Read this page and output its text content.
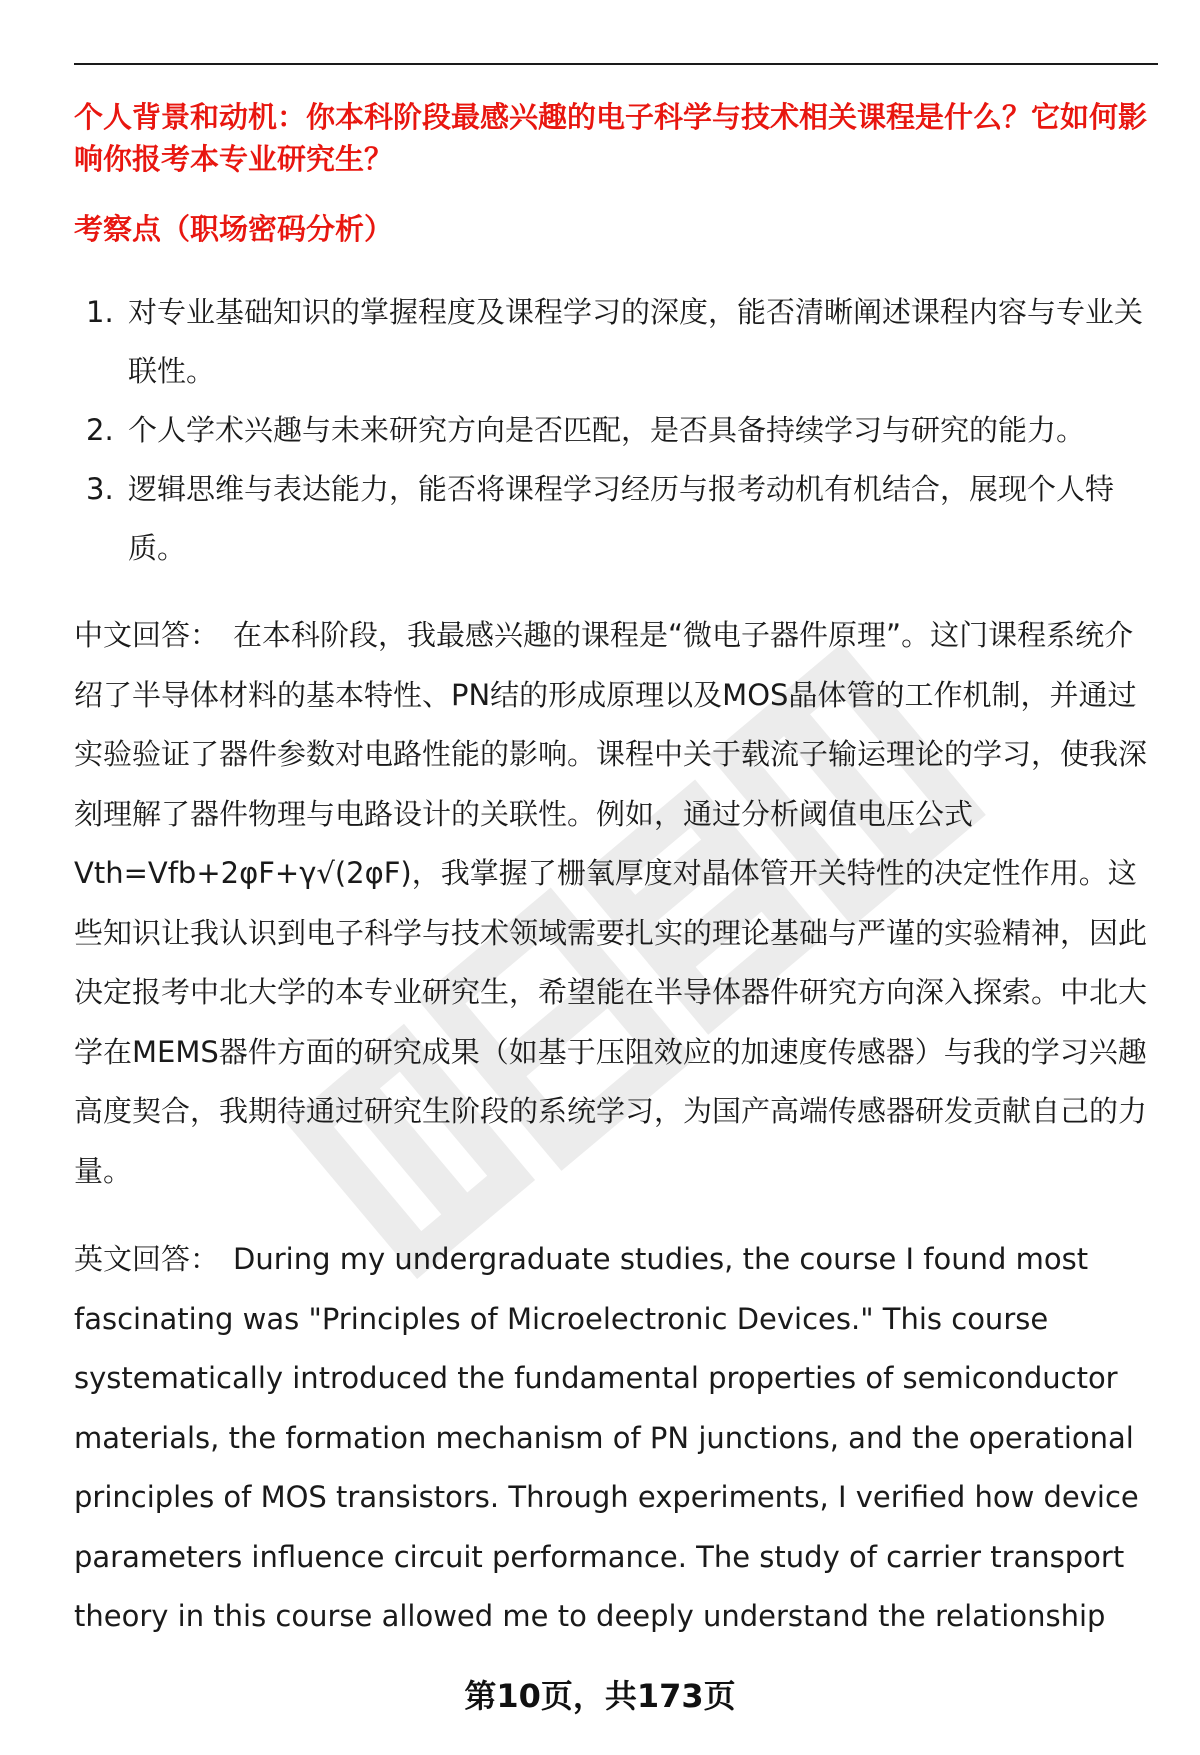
个人背景和动机：你本科阶段最感兴趣的电子科学与技术相关课程是什么？它如何影响你报考本专业研究生？
考察点（职场密码分析）
1. 对专业基础知识的掌握程度及课程学习的深度，能否清晰阐述课程内容与专业关联性。
2. 个人学术兴趣与未来研究方向是否匹配，是否具备持续学习与研究的能力。
3. 逻辑思维与表达能力，能否将课程学习经历与报考动机有机结合，展现个人特质。

中文回答： 在本科阶段，我最感兴趣的课程是“微电子器件原理”。这门课程系统介绍了半导体材料的基本特性、PN结的形成原理以及MOS晶体管的工作机制，并通过实验验证了器件参数对电路性能的影响。课程中关于载流子输运理论的学习，使我深刻理解了器件物理与电路设计的关联性。例如，通过分析阈值电压公式Vth=Vfb+2φF+γ√(2φF)，我掌握了栅氧厚度对晶体管开关特性的决定性作用。这些知识让我认识到电子科学与技术领域需要扎实的理论基础与严谨的实验精神，因此决定报考中北大学的本专业研究生，希望能在半导体器件研究方向深入探索。中北大学在MEMS器件方面的研究成果（如基于压阻效应的加速度传感器）与我的学习兴趣高度契合，我期待通过研究生阶段的系统学习，为国产高端传感器研发贡献自己的力量。

英文回答： During my undergraduate studies, the course I found most fascinating was "Principles of Microelectronic Devices." This course systematically introduced the fundamental properties of semiconductor materials, the formation mechanism of PN junctions, and the operational principles of MOS transistors. Through experiments, I verified how device parameters influence circuit performance. The study of carrier transport theory in this course allowed me to deeply understand the relationship

第10页，共173页
